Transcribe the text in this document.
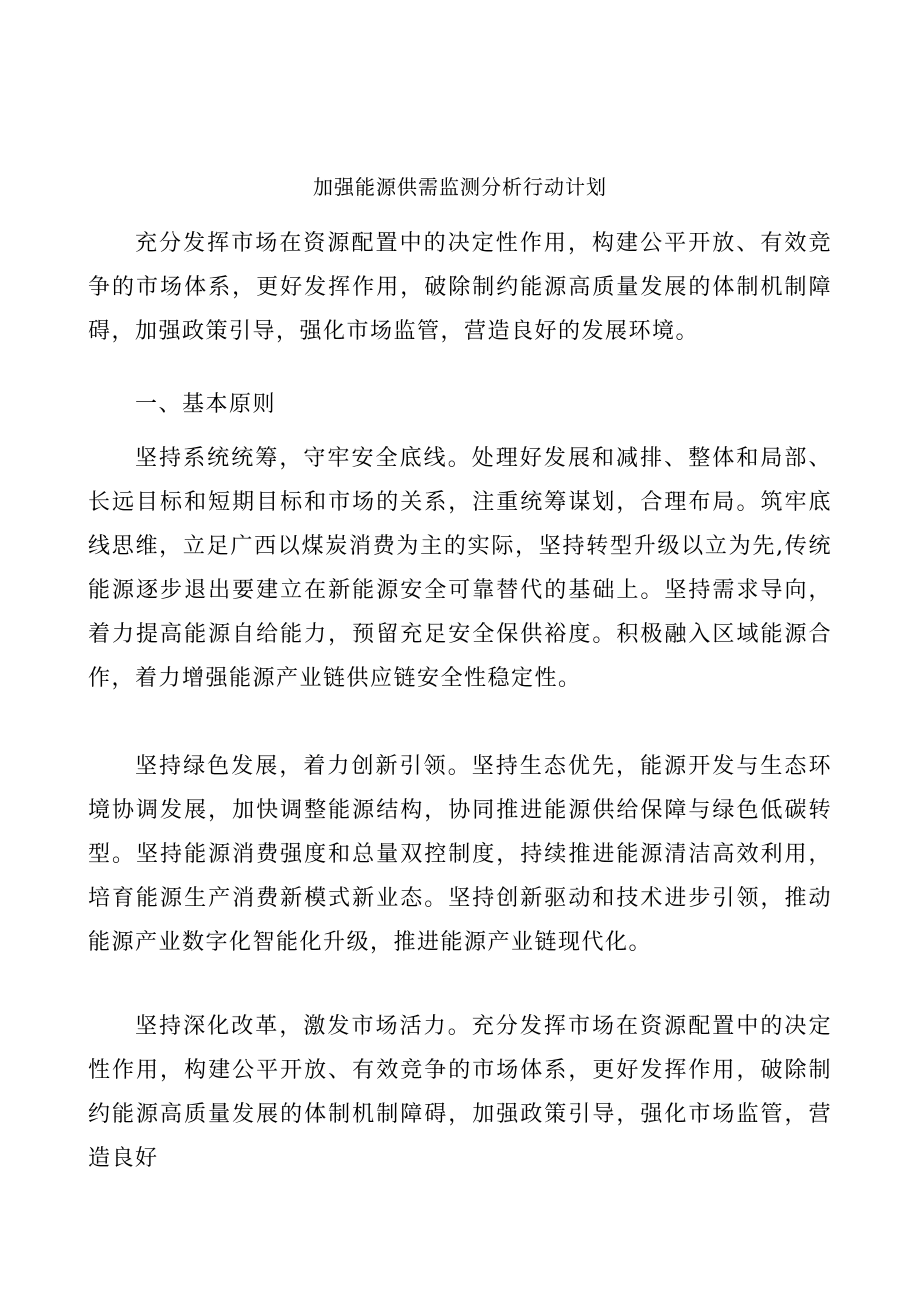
加强能源供需监测分析行动计划

充分发挥市场在资源配置中的决定性作用，构建公平开放、有效竞争的市场体系，更好发挥作用，破除制约能源高质量发展的体制机制障碍，加强政策引导，强化市场监管，营造良好的发展环境。

一、基本原则

坚持系统统筹，守牢安全底线。处理好发展和减排、整体和局部、长远目标和短期目标和市场的关系，注重统筹谋划，合理布局。筑牢底线思维，立足广西以煤炭消费为主的实际，坚持转型升级以立为先,传统能源逐步退出要建立在新能源安全可靠替代的基础上。坚持需求导向，着力提高能源自给能力，预留充足安全保供裕度。积极融入区域能源合作，着力增强能源产业链供应链安全性稳定性。

坚持绿色发展，着力创新引领。坚持生态优先，能源开发与生态环境协调发展，加快调整能源结构，协同推进能源供给保障与绿色低碳转型。坚持能源消费强度和总量双控制度，持续推进能源清洁高效利用，培育能源生产消费新模式新业态。坚持创新驱动和技术进步引领，推动能源产业数字化智能化升级，推进能源产业链现代化。

坚持深化改革，激发市场活力。充分发挥市场在资源配置中的决定性作用，构建公平开放、有效竞争的市场体系，更好发挥作用，破除制约能源高质量发展的体制机制障碍，加强政策引导，强化市场监管，营造良好
